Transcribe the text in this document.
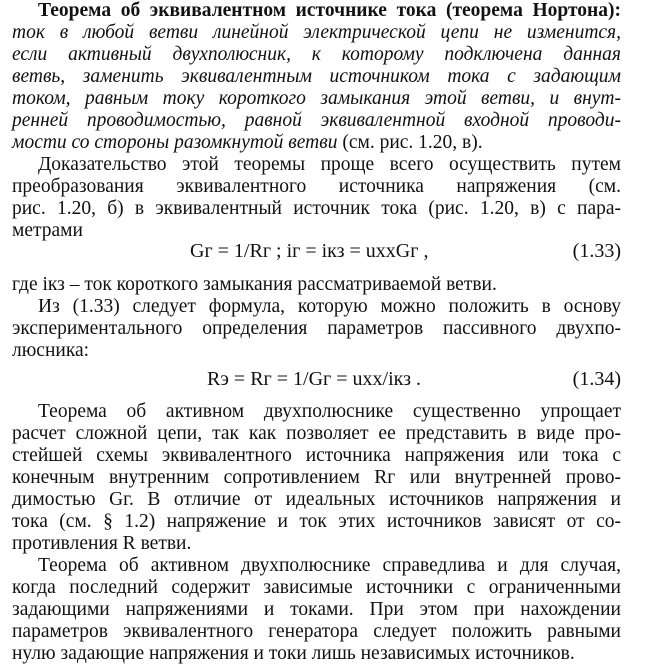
Теорема об эквивалентном источнике тока (теорема Нортона):
ток в любой ветви линейной электрической цепи не изменится,
если активный двухполюсник, к которому подключена данная
ветвь, заменить эквивалентным источником тока с задающим
током, равным току короткого замыкания этой ветви, и внут-
ренней проводимостью, равной эквивалентной входной проводи-
мости со стороны разомкнутой ветви (см. рис. 1.20, в).
Доказательство этой теоремы проще всего осуществить путем
преобразования эквивалентного источника напряжения (см.
рис. 1.20, б) в эквивалентный источник тока (рис. 1.20, в) с пара-
метрами
Gг = 1/Rг ; iг = iкз = uххGг ,	(1.33)
где iкз – ток короткого замыкания рассматриваемой ветви.
Из (1.33) следует формула, которую можно положить в основу
экспериментального определения параметров пассивного двухпо-
люсника:
Rэ = Rг = 1/Gг = uхх/iкз .	(1.34)
Теорема об активном двухполюснике существенно упрощает
расчет сложной цепи, так как позволяет ее представить в виде про-
стейшей схемы эквивалентного источника напряжения или тока с
конечным внутренним сопротивлением Rг или внутренней прово-
димостью Gг. В отличие от идеальных источников напряжения и
тока (см. § 1.2) напряжение и ток этих источников зависят от со-
противления R ветви.
Теорема об активном двухполюснике справедлива и для случая,
когда последний содержит зависимые источники с ограниченными
задающими напряжениями и токами. При этом при нахождении
параметров эквивалентного генератора следует положить равными
нулю задающие напряжения и токи лишь независимых источников.
